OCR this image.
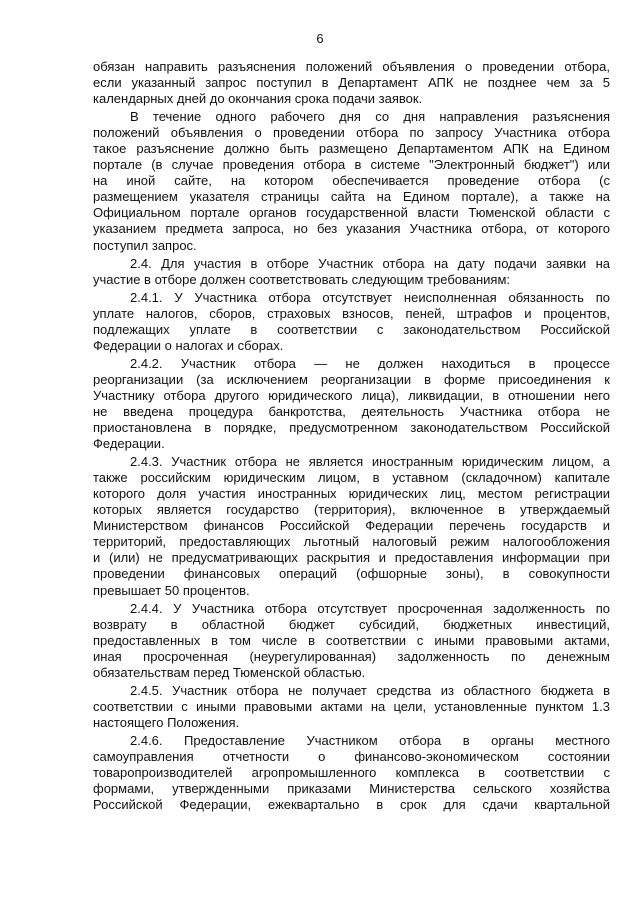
6
обязан направить разъяснения положений объявления о проведении отбора,
если указанный запрос поступил в Департамент АПК не позднее чем за 5
календарных дней до окончания срока подачи заявок.
В течение одного рабочего дня со дня направления разъяснения
положений объявления о проведении отбора по запросу Участника отбора
такое разъяснение должно быть размещено Департаментом АПК на Едином
портале (в случае проведения отбора в системе "Электронный бюджет") или
на иной сайте, на котором обеспечивается проведение отбора (с
размещением указателя страницы сайта на Едином портале), а также на
Официальном портале органов государственной власти Тюменской области с
указанием предмета запроса, но без указания Участника отбора, от которого
поступил запрос.
2.4. Для участия в отборе Участник отбора на дату подачи заявки на
участие в отборе должен соответствовать следующим требованиям:
2.4.1. У Участника отбора отсутствует неисполненная обязанность по
уплате налогов, сборов, страховых взносов, пеней, штрафов и процентов,
подлежащих уплате в соответствии с законодательством Российской
Федерации о налогах и сборах.
2.4.2. Участник отбора — не должен находиться в процессе
реорганизации (за исключением реорганизации в форме присоединения к
Участнику отбора другого юридического лица), ликвидации, в отношении него
не введена процедура банкротства, деятельность Участника отбора не
приостановлена в порядке, предусмотренном законодательством Российской
Федерации.
2.4.3. Участник отбора не является иностранным юридическим лицом, а
также российским юридическим лицом, в уставном (складочном) капитале
которого доля участия иностранных юридических лиц, местом регистрации
которых является государство (территория), включенное в утверждаемый
Министерством финансов Российской Федерации перечень государств и
территорий, предоставляющих льготный налоговый режим налогообложения
и (или) не предусматривающих раскрытия и предоставления информации при
проведении финансовых операций (офшорные зоны), в совокупности
превышает 50 процентов.
2.4.4. У Участника отбора отсутствует просроченная задолженность по
возврату в областной бюджет субсидий, бюджетных инвестиций,
предоставленных в том числе в соответствии с иными правовыми актами,
иная просроченная (неурегулированная) задолженность по денежным
обязательствам перед Тюменской областью.
2.4.5. Участник отбора не получает средства из областного бюджета в
соответствии с иными правовыми актами на цели, установленные пунктом 1.3
настоящего Положения.
2.4.6. Предоставление Участником отбора в органы местного
самоуправления отчетности о финансово-экономическом состоянии
товаропроизводителей агропромышленного комплекса в соответствии с
формами, утвержденными приказами Министерства сельского хозяйства
Российской Федерации, ежеквартально в срок для сдачи квартальной
